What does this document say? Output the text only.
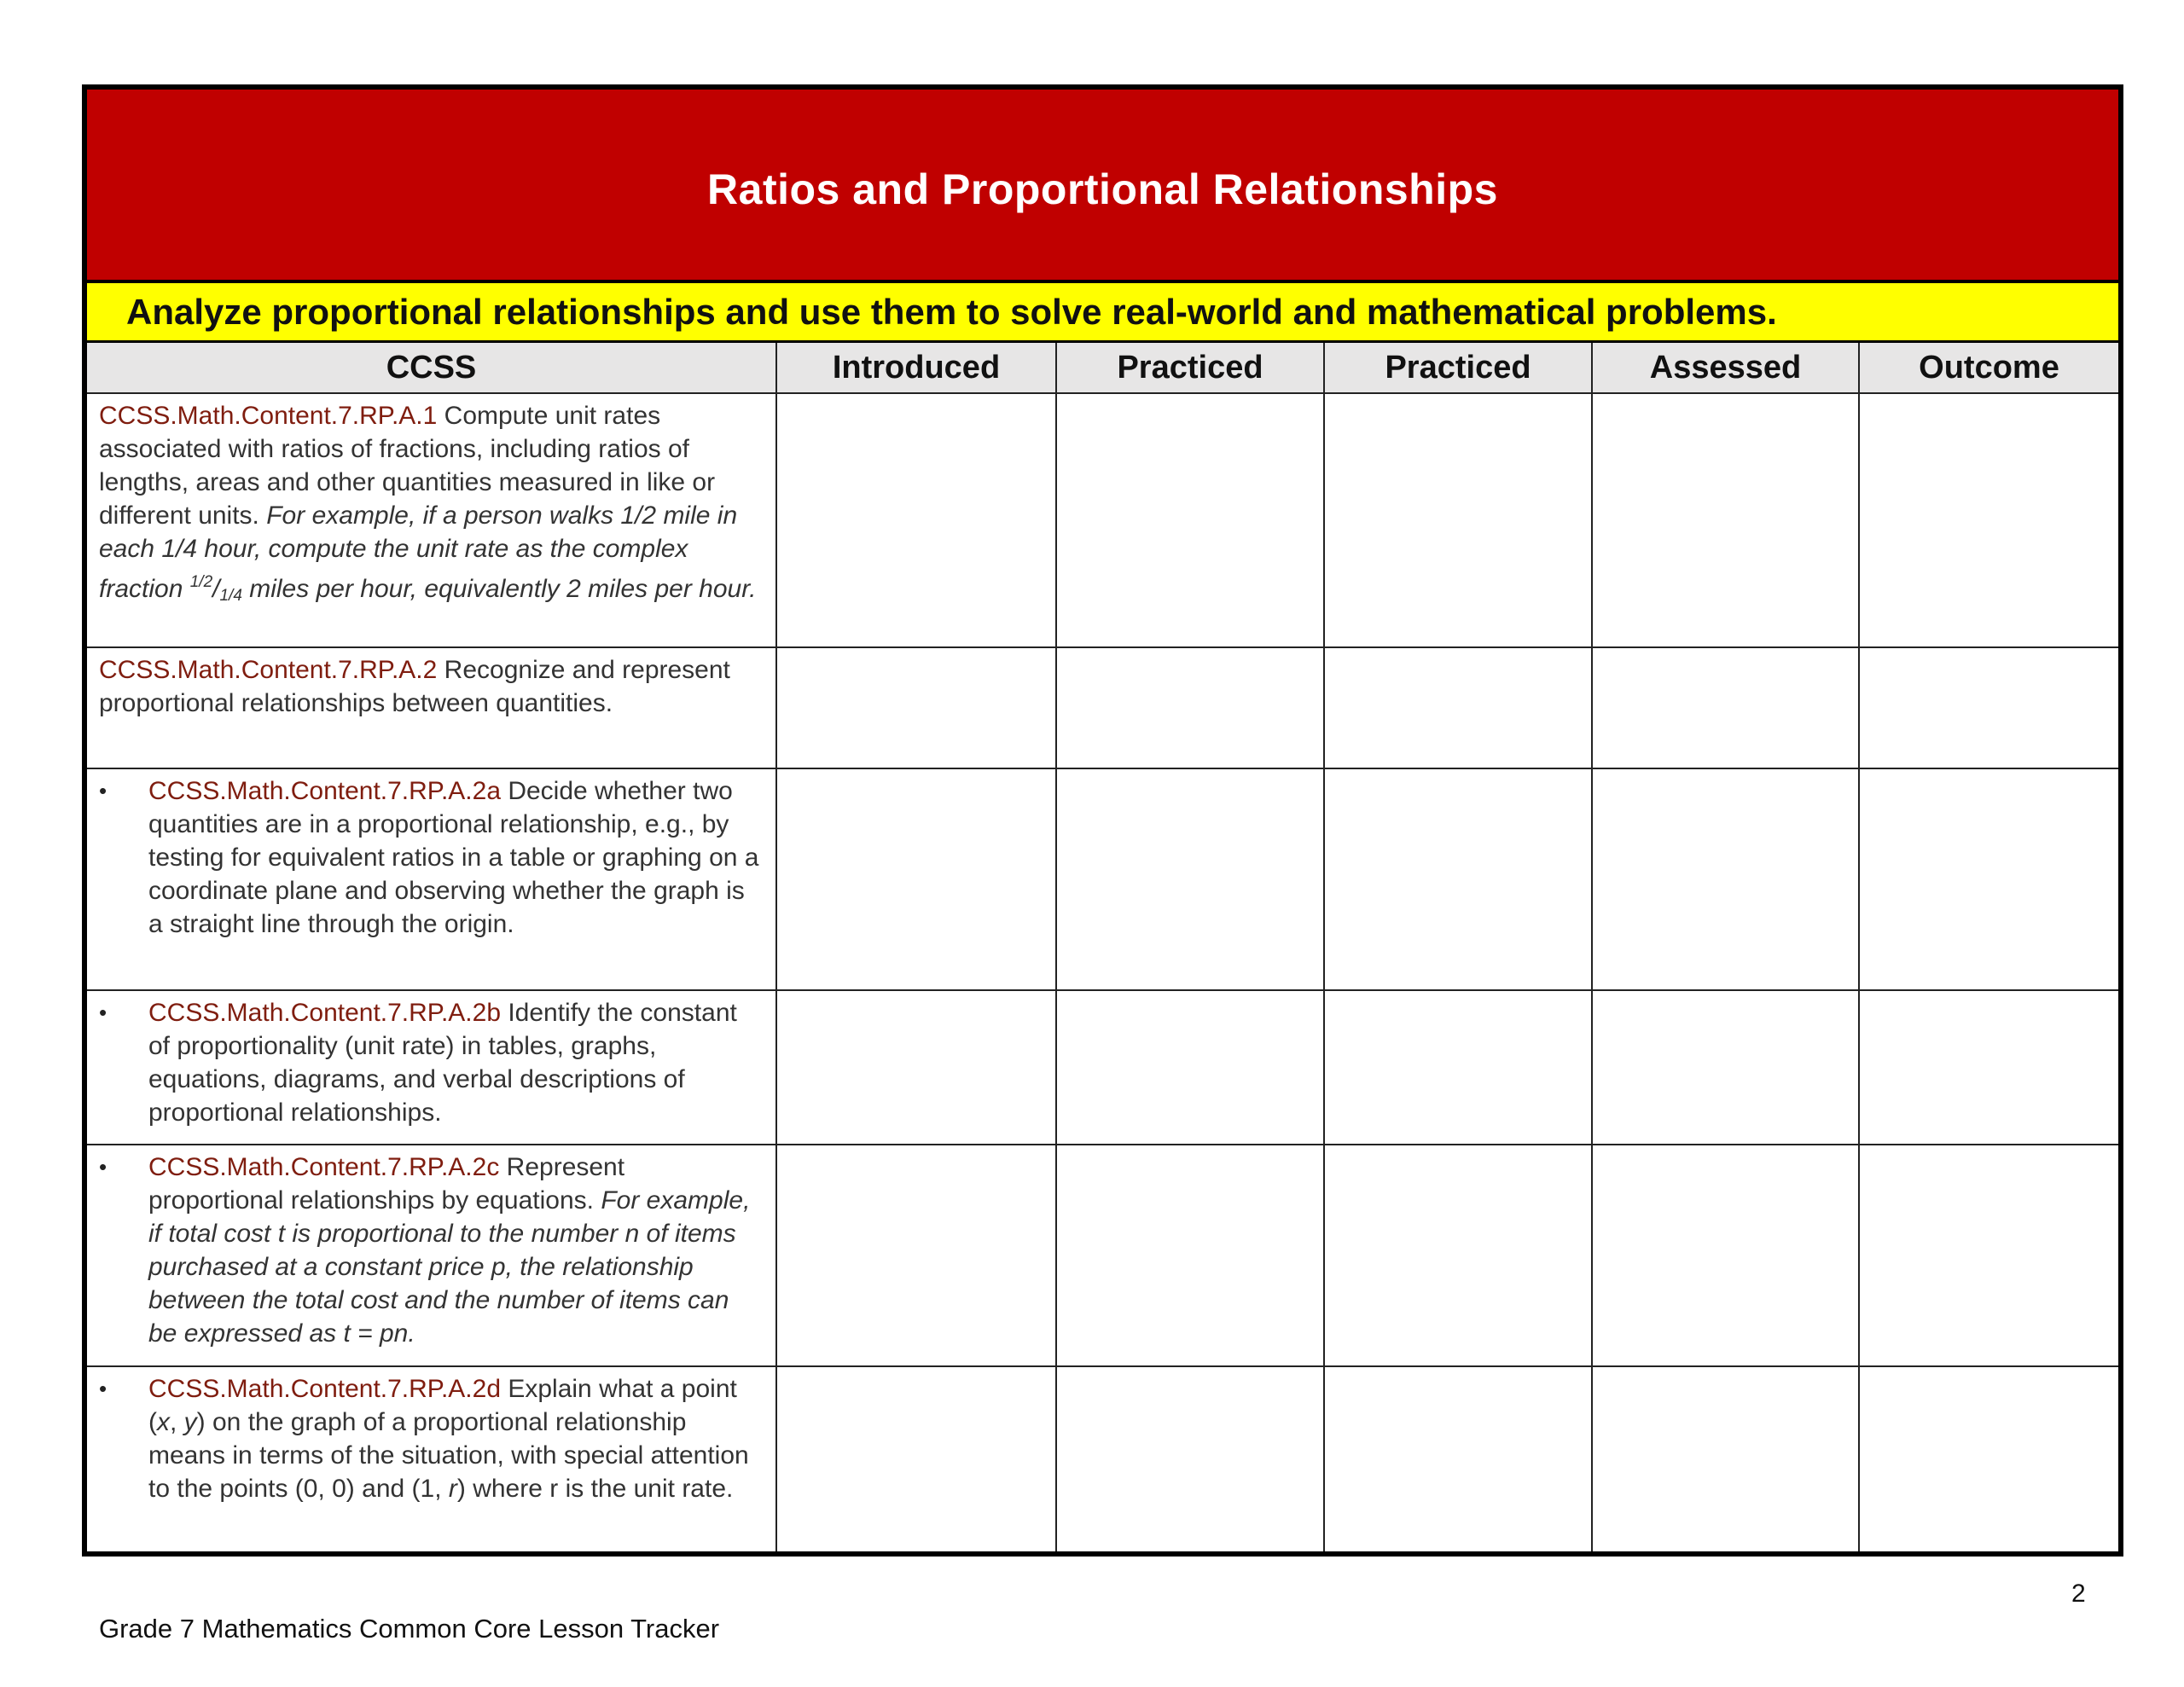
Ratios and Proportional Relationships
Analyze proportional relationships and use them to solve real-world and mathematical problems.
CCSS	Introduced	Practiced	Practiced	Assessed	Outcome
CCSS.Math.Content.7.RP.A.1 Compute unit rates associated with ratios of fractions, including ratios of lengths, areas and other quantities measured in like or different units. For example, if a person walks 1/2 mile in each 1/4 hour, compute the unit rate as the complex fraction $^{1/2}$/1/4 miles per hour, equivalently 2 miles per hour.					
CCSS.Math.Content.7.RP.A.2 Recognize and represent proportional relationships between quantities.					

• CCSS.Math.Content.7.RP.A.2a Decide whether two quantities are in a proportional relationship, e.g., by testing for equivalent ratios in a table or graphing on a coordinate plane and observing whether the graph is a straight line through the origin.					

• CCSS.Math.Content.7.RP.A.2b Identify the constant of proportionality (unit rate) in tables, graphs, equations, diagrams, and verbal descriptions of proportional relationships.					

• CCSS.Math.Content.7.RP.A.2c Represent proportional relationships by equations. For example, if total cost t is proportional to the number n of items purchased at a constant price p, the relationship between the total cost and the number of items can be expressed as t = pn.					

• CCSS.Math.Content.7.RP.A.2d Explain what a point (x, y) on the graph of a proportional relationship means in terms of the situation, with special attention to the points (0, 0) and (1, r) where r is the unit rate.					

2
Grade 7 Mathematics Common Core Lesson Tracker
